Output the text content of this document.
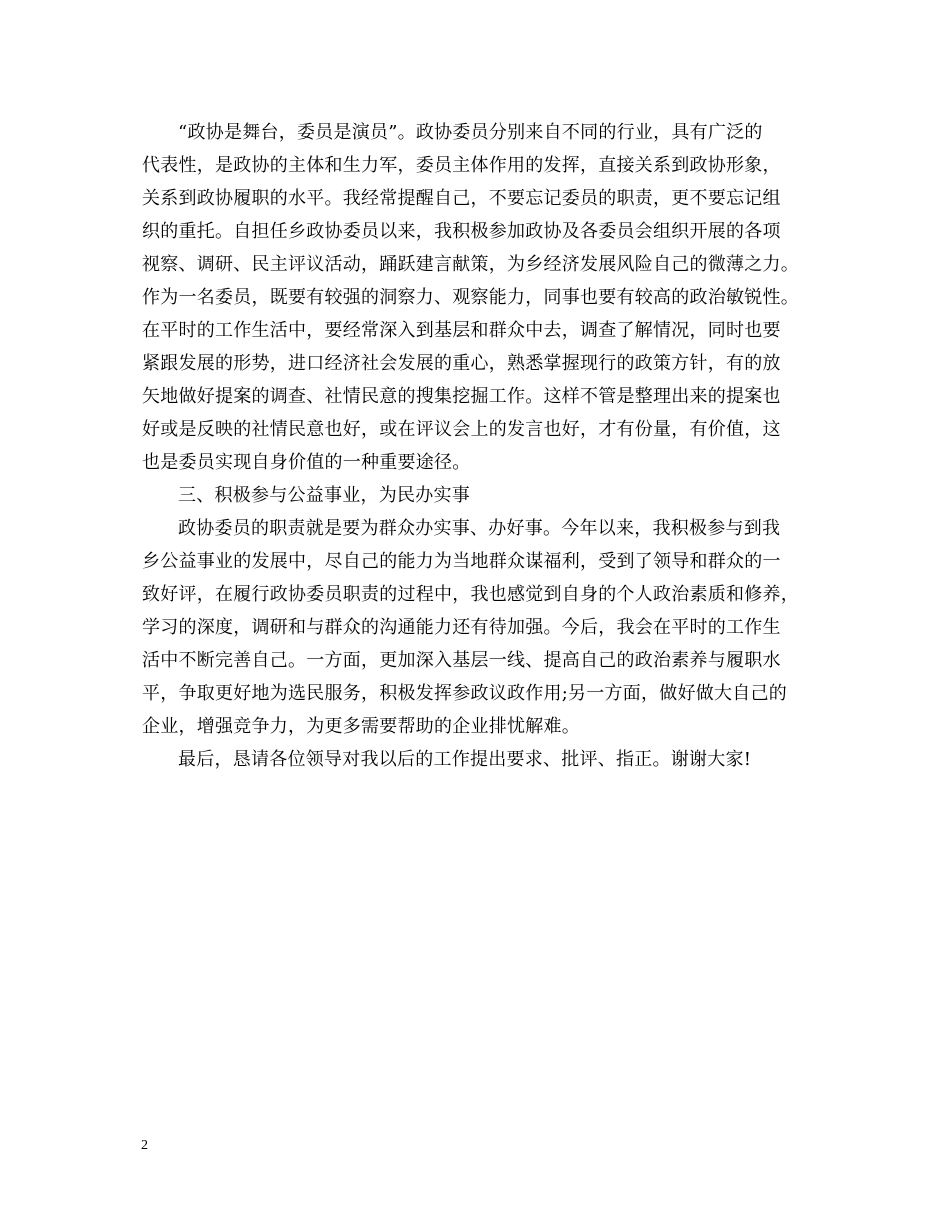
“政协是舞台，委员是演员”。政协委员分别来自不同的行业，具有广泛的
代表性，是政协的主体和生力军，委员主体作用的发挥，直接关系到政协形象，
关系到政协履职的水平。我经常提醒自己，不要忘记委员的职责，更不要忘记组
织的重托。自担任乡政协委员以来，我积极参加政协及各委员会组织开展的各项
视察、调研、民主评议活动，踊跃建言献策，为乡经济发展风险自己的微薄之力。
作为一名委员，既要有较强的洞察力、观察能力，同事也要有较高的政治敏锐性。
在平时的工作生活中，要经常深入到基层和群众中去，调查了解情况，同时也要
紧跟发展的形势，进口经济社会发展的重心，熟悉掌握现行的政策方针，有的放
矢地做好提案的调查、社情民意的搜集挖掘工作。这样不管是整理出来的提案也
好或是反映的社情民意也好，或在评议会上的发言也好，才有份量，有价值，这
也是委员实现自身价值的一种重要途径。
三、积极参与公益事业，为民办实事
政协委员的职责就是要为群众办实事、办好事。今年以来，我积极参与到我
乡公益事业的发展中，尽自己的能力为当地群众谋福利，受到了领导和群众的一
致好评，在履行政协委员职责的过程中，我也感觉到自身的个人政治素质和修养，
学习的深度，调研和与群众的沟通能力还有待加强。今后，我会在平时的工作生
活中不断完善自己。一方面，更加深入基层一线、提高自己的政治素养与履职水
平，争取更好地为选民服务，积极发挥参政议政作用;另一方面，做好做大自己的
企业，增强竞争力，为更多需要帮助的企业排忧解难。
最后，恳请各位领导对我以后的工作提出要求、批评、指正。谢谢大家!
2
